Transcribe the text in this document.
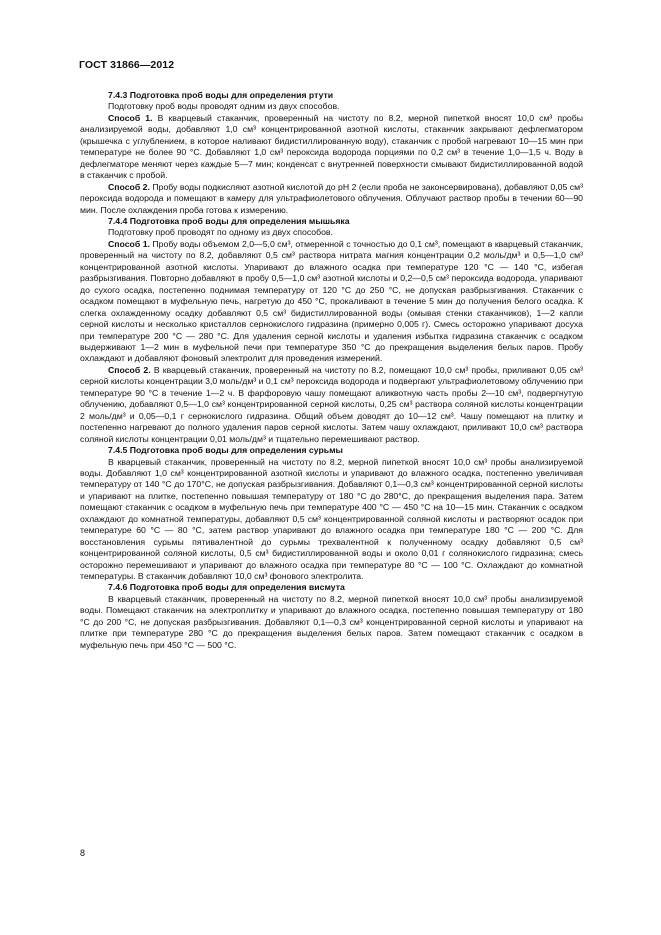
ГОСТ 31866—2012

7.4.3 Подготовка проб воды для определения ртути

Подготовку проб воды проводят одним из двух способов.

Способ 1. В кварцевый стаканчик, проверенный на чистоту по 8.2, мерной пипеткой вносят 10,0 см³ пробы анализируемой воды, добавляют 1,0 см³ концентрированной азотной кислоты, стаканчик закрывают дефлегматором (крышечка с углублением, в которое наливают бидистиллированную воду), стаканчик с пробой нагревают 10—15 мин при температуре не более 90 °С. Добавляют 1,0 см³ пероксида водорода порциями по 0,2 см³ в течение 1,0—1,5 ч. Воду в дефлегматоре меняют через каждые 5—7 мин; конденсат с внутренней поверхности смывают бидистиллированной водой в стаканчик с пробой.

Способ 2. Пробу воды подкисляют азотной кислотой до рН 2 (если проба не законсервирована), добавляют 0,05 см³ пероксида водорода и помещают в камеру для ультрафиолетового облучения. Облучают раствор пробы в течении 60—90 мин. После охлаждения проба готова к измерению.

7.4.4 Подготовка проб воды для определения мышьяка

Подготовку проб проводят по одному из двух способов.

Способ 1. Пробу воды объемом 2,0—5,0 см³, отмеренной с точностью до 0,1 см³, помещают в кварцевый стаканчик, проверенный на чистоту по 8.2, добавляют 0,5 см³ раствора нитрата магния концентрации 0,2 моль/дм³ и 0,5—1,0 см³ концентрированной азотной кислоты. Упаривают до влажного осадка при температуре 120 °С — 140 °С, избегая разбрызгивания. Повторно добавляют в пробу 0,5—1,0 см³ азотной кислоты и 0,2—0,5 см³ пероксида водорода, упаривают до сухого осадка, постепенно поднимая температуру от 120 °С до 250 °С, не допуская разбрызгивания. Стаканчик с осадком помещают в муфельную печь, нагретую до 450 °С, прокаливают в течение 5 мин до получения белого осадка. К слегка охлажденному осадку добавляют 0,5 см³ бидистиллированной воды (омывая стенки стаканчиков), 1—2 капли серной кислоты и несколько кристаллов сернокислого гидразина (примерно 0,005 г). Смесь осторожно упаривают досуха при температуре 200 °С — 280 °С. Для удаления серной кислоты и удаления избытка гидразина стаканчик с осадком выдерживают 1—2 мин в муфельной печи при температуре 350 °С до прекращения выделения белых паров. Пробу охлаждают и добавляют фоновый электролит для проведения измерений.

Способ 2. В кварцевый стаканчик, проверенный на чистоту по 8.2, помещают 10,0 см³ пробы, приливают 0,05 см³ серной кислоты концентрации 3,0 моль/дм³ и 0,1 см³ пероксида водорода и подвергают ультрафиолетовому облучению при температуре 90 °С в течение 1—2 ч. В фарфоровую чашу помещают аликвотную часть пробы 2—10 см³, подвергнутую облучению, добавляют 0,5—1,0 см³ концентрированной серной кислоты, 0,25 см³ раствора соляной кислоты концентрации 2 моль/дм³ и 0,05—0,1 г сернокислого гидразина. Общий объем доводят до 10—12 см³. Чашу помещают на плитку и постепенно нагревают до полного удаления паров серной кислоты. Затем чашу охлаждают, приливают 10,0 см³ раствора соляной кислоты концентрации 0,01 моль/дм³ и тщательно перемешивают раствор.

7.4.5 Подготовка проб воды для определения сурьмы

В кварцевый стаканчик, проверенный на чистоту по 8.2, мерной пипеткой вносят 10,0 см³ пробы анализируемой воды. Добавляют 1,0 см³ концентрированной азотной кислоты и упаривают до влажного осадка, постепенно увеличивая температуру от 140 °С до 170°С, не допуская разбрызгивания. Добавляют 0,1—0,3 см³ концентрированной серной кислоты и упаривают на плитке, постепенно повышая температуру от 180 °С до 280°С, до прекращения выделения пара. Затем помещают стаканчик с осадком в муфельную печь при температуре 400 °С — 450 °С на 10—15 мин. Стаканчик с осадком охлаждают до комнатной температуры, добавляют 0,5 см³ концентрированной соляной кислоты и растворяют осадок при температуре 60 °С — 80 °С, затем раствор упаривают до влажного осадка при температуре 180 °С — 200 °С. Для восстановления сурьмы пятивалентной до сурьмы трехвалентной к полученному осадку добавляют 0,5 см³ концентрированной соляной кислоты, 0,5 см³ бидистиллированной воды и около 0,01 г солянокислого гидразина; смесь осторожно перемешивают и упаривают до влажного осадка при температуре 80 °С — 100 °С. Охлаждают до комнатной температуры. В стаканчик добавляют 10,0 см³ фонового электролита.

7.4.6 Подготовка проб воды для определения висмута

В кварцевый стаканчик, проверенный на чистоту по 8.2, мерной пипеткой вносят 10,0 см³ пробы анализируемой воды. Помещают стаканчик на электроплитку и упаривают до влажного осадка, постепенно повышая температуру от 180 °С до 200 °С, не допуская разбрызгивания. Добавляют 0,1—0,3 см³ концентрированной серной кислоты и упаривают на плитке при температуре 280 °С до прекращения выделения белых паров. Затем помещают стаканчик с осадком в муфельную печь при 450 °С — 500 °С.

8
